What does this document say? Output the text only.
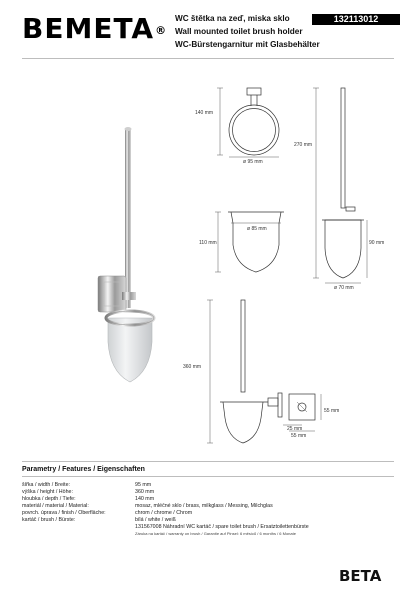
BEMETA®
WC štětka na zeď, miska sklo
Wall mounted toilet brush holder
WC-Bürstengarnitur mit Glasbehälter
132113012
140 mm
ø 95 mm
270 mm
110 mm
ø 85 mm
90 mm
ø 70 mm
360 mm
55 mm
25 mm
55 mm
Parametry / Features / Eigenschaften
šířka / width / Breite:	95 mm
výška / height / Höhe:	360 mm
hloubka / depth / Tiefe:	140 mm
materiál / material / Material:	mosaz, mléčné sklo / brass, milkglass / Messing, Milchglas
povrch. úprava / finish / Oberfläche:	chrom / chrome / Chrom
kartáč / brush / Bürste:	bílá / white / weiß
131567008 Náhradní WC kartáč / spare toilet brush / Ersatztoilettenbürste
Záruka na kartáč / warranty on brush / Garantie auf Pinsel: 6 měsíců / 6 months / 6 Monate
BETA
